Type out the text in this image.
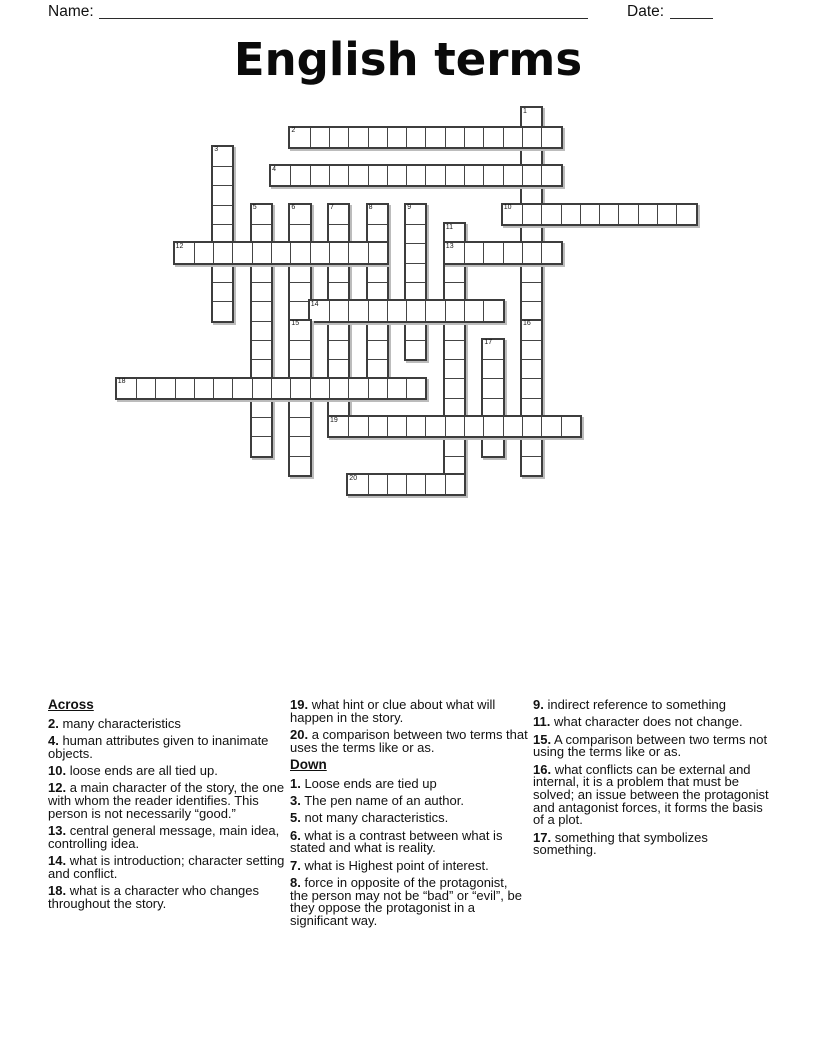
Name:	Date:
English terms
1
2
3
4
5	6	7	8	9	10
11
12	13
14
15	16
17
18
19
20

Across

2. many characteristics

4. human attributes given to inanimate objects.

10. loose ends are all tied up.

12. a main character of the story, the one with whom the reader identifies. This person is not necessarily “good.”

13. central general message, main idea, controlling idea.

14. what is introduction; character setting and conflict.

18. what is a character who changes throughout the story.

19. what hint or clue about what will happen in the story.

20. a comparison between two terms that uses the terms like or as.

Down

1. Loose ends are tied up

3. The pen name of an author.

5. not many characteristics.

6. what is a contrast between what is stated and what is reality.

7. what is Highest point of interest.

8. force in opposite of the protagonist, the person may not be “bad” or “evil”, be they oppose the protagonist in a significant way.

9. indirect reference to something

11. what character does not change.

15. A comparison between two terms not using the terms like or as.

16. what conflicts can be external and internal, it is a problem that must be solved; an issue between the protagonist and antagonist forces, it forms the basis of a plot.

17. something that symbolizes something.
